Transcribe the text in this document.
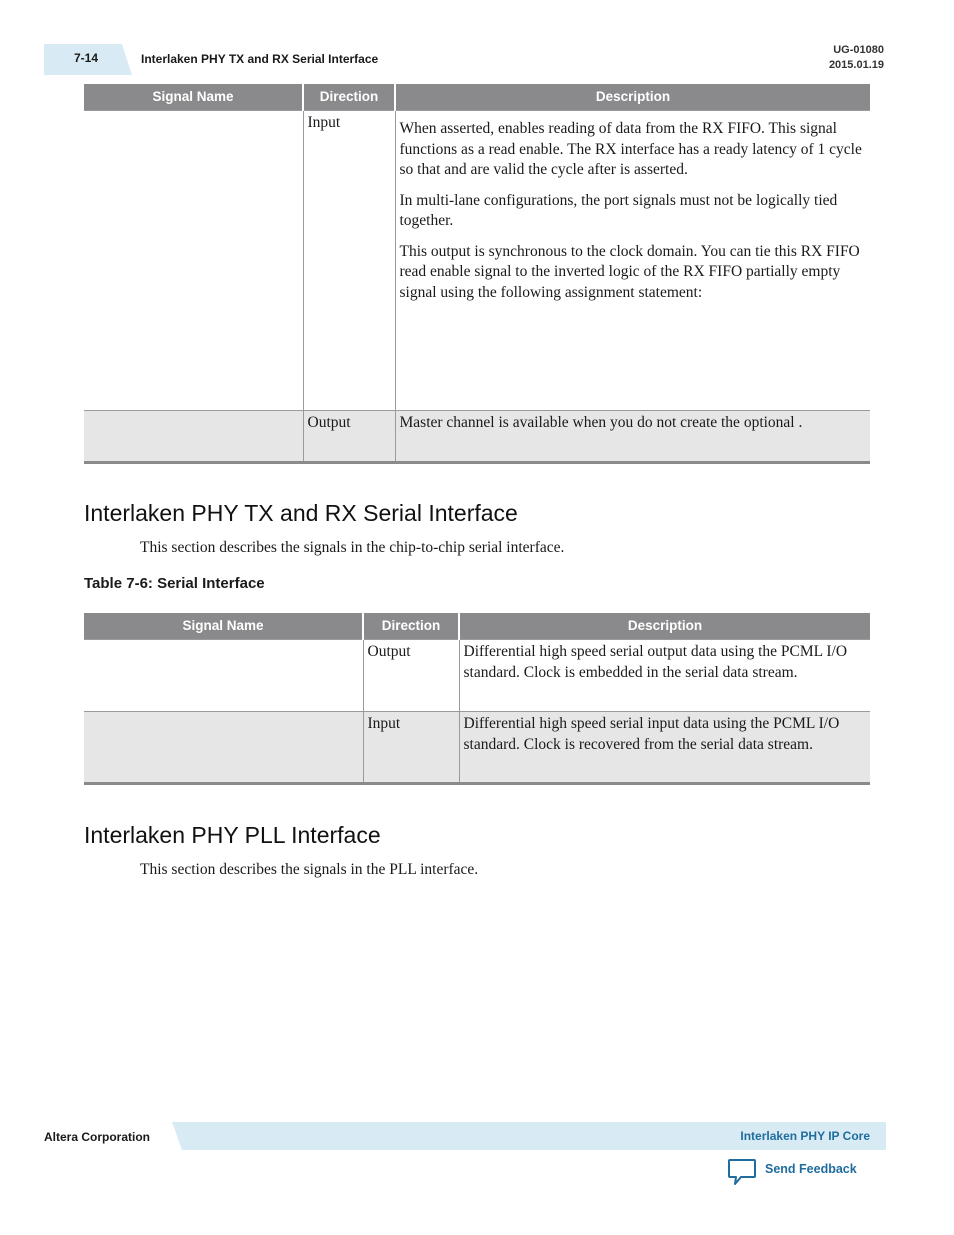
7-14	Interlaken PHY TX and RX Serial Interface
UG-01080
2015.01.19
Signal Name	Direction	Description
	Input	When asserted, enables reading of data from the RX FIFO. This signal functions as a read enable. The RX interface has a ready latency of 1 cycle so that and are valid the cycle after is asserted.

In multi-lane configurations, the port signals must not be logically tied together.

This output is synchronous to the clock domain. You can tie this RX FIFO read enable signal to the inverted logic of the RX FIFO partially empty signal using the following assignment statement:

	Output	Master channel is available when you do not create the optional .
Interlaken PHY TX and RX Serial Interface

This section describes the signals in the chip-to-chip serial interface.

Table 7-6: Serial Interface

Signal Name	Direction	Description
	Output	Differential high speed serial output data using the PCML I/O standard. Clock is embedded in the serial data stream.
	Input	Differential high speed serial input data using the PCML I/O standard. Clock is recovered from the serial data stream.
Interlaken PHY PLL Interface

This section describes the signals in the PLL interface.

Altera Corporation	Interlaken PHY IP Core
Send Feedback
